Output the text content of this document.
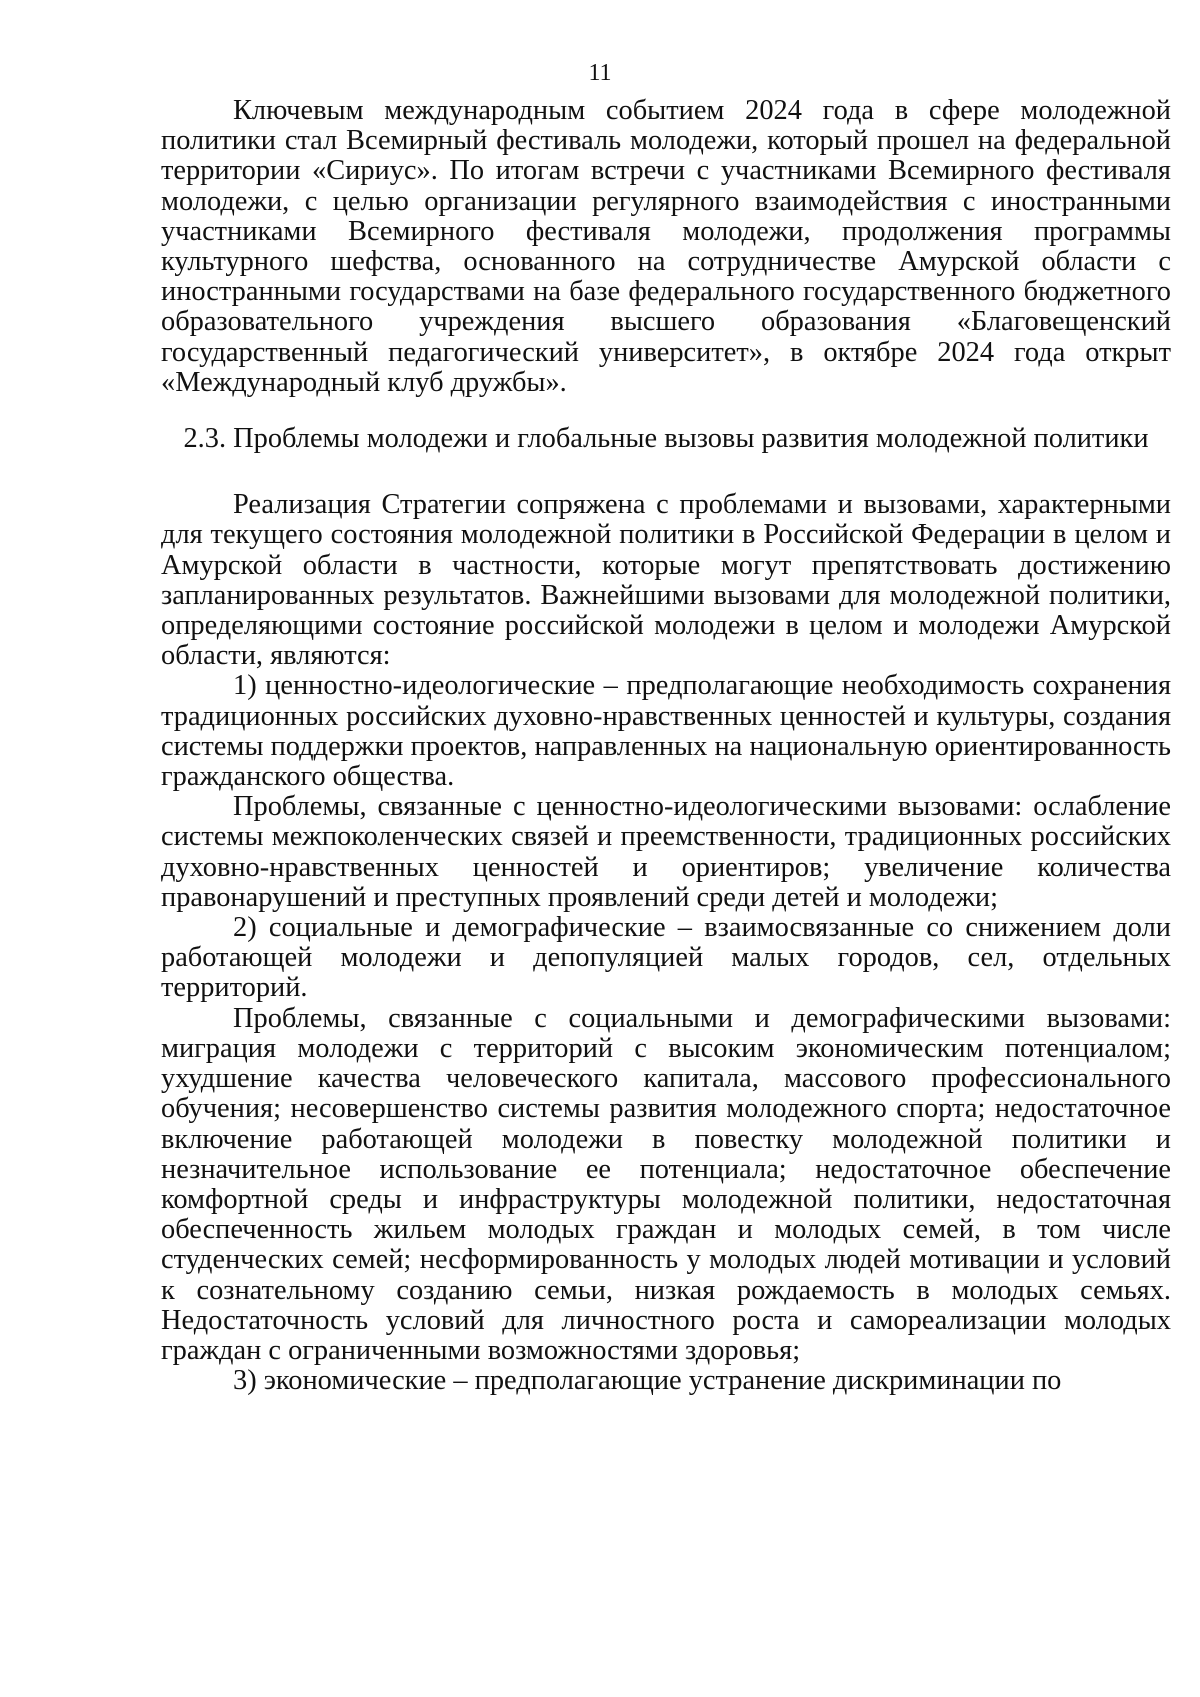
11

Ключевым международным событием 2024 года в сфере молодежной политики стал Всемирный фестиваль молодежи, который прошел на федеральной территории «Сириус». По итогам встречи с участниками Всемирного фестиваля молодежи, с целью организации регулярного взаимодействия с иностранными участниками Всемирного фестиваля молодежи, продолжения программы культурного шефства, основанного на сотрудничестве Амурской области с иностранными государствами на базе федерального государственного бюджетного образовательного учреждения высшего образования «Благовещенский государственный педагогический университет», в октябре 2024 года открыт «Международный клуб дружбы».

2.3. Проблемы молодежи и глобальные вызовы развития молодежной политики

Реализация Стратегии сопряжена с проблемами и вызовами, характерными для текущего состояния молодежной политики в Российской Федерации в целом и Амурской области в частности, которые могут препятствовать достижению запланированных результатов. Важнейшими вызовами для молодежной политики, определяющими состояние российской молодежи в целом и молодежи Амурской области, являются:

1) ценностно-идеологические – предполагающие необходимость сохранения традиционных российских духовно-нравственных ценностей и культуры, создания системы поддержки проектов, направленных на национальную ориентированность гражданского общества.

Проблемы, связанные с ценностно-идеологическими вызовами: ослабление системы межпоколенческих связей и преемственности, традиционных российских духовно-нравственных ценностей и ориентиров; увеличение количества правонарушений и преступных проявлений среди детей и молодежи;

2) социальные и демографические – взаимосвязанные со снижением доли работающей молодежи и депопуляцией малых городов, сел, отдельных территорий.

Проблемы, связанные с социальными и демографическими вызовами: миграция молодежи с территорий с высоким экономическим потенциалом; ухудшение качества человеческого капитала, массового профессионального обучения; несовершенство системы развития молодежного спорта; недостаточное включение работающей молодежи в повестку молодежной политики и незначительное использование ее потенциала; недостаточное обеспечение комфортной среды и инфраструктуры молодежной политики, недостаточная обеспеченность жильем молодых граждан и молодых семей, в том числе студенческих семей; несформированность у молодых людей мотивации и условий к сознательному созданию семьи, низкая рождаемость в молодых семьях. Недостаточность условий для личностного роста и самореализации молодых граждан с ограниченными возможностями здоровья;

3) экономические – предполагающие устранение дискриминации по
